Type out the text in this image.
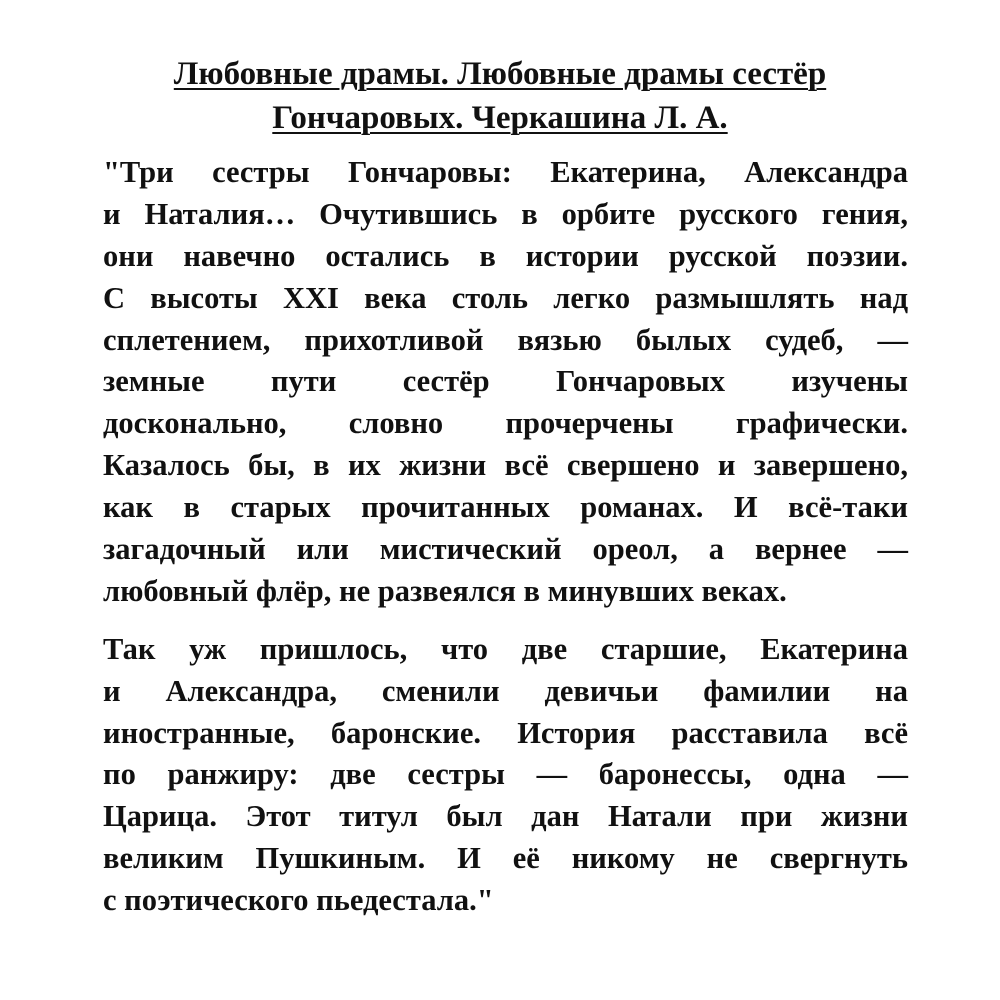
Любовные драмы. Любовные драмы сестёр
Гончаровых. Черкашина Л. А.

"Три сестры Гончаровы: Екатерина, Александра
и Наталия… Очутившись в орбите русского гения,
они навечно остались в истории русской поэзии.
С высоты XXI века столь легко размышлять над
сплетением, прихотливой вязью былых судеб, —
земные пути сестёр Гончаровых изучены
досконально, словно прочерчены графически.
Казалось бы, в их жизни всё свершено и завершено,
как в старых прочитанных романах. И всё-таки
загадочный или мистический ореол, а вернее —
любовный флёр, не развеялся в минувших веках.

Так уж пришлось, что две старшие, Екатерина
и Александра, сменили девичьи фамилии на
иностранные, баронские. История расставила всё
по ранжиру: две сестры — баронессы, одна —
Царица. Этот титул был дан Натали при жизни
великим Пушкиным. И её никому не свергнуть
с поэтического пьедестала."
